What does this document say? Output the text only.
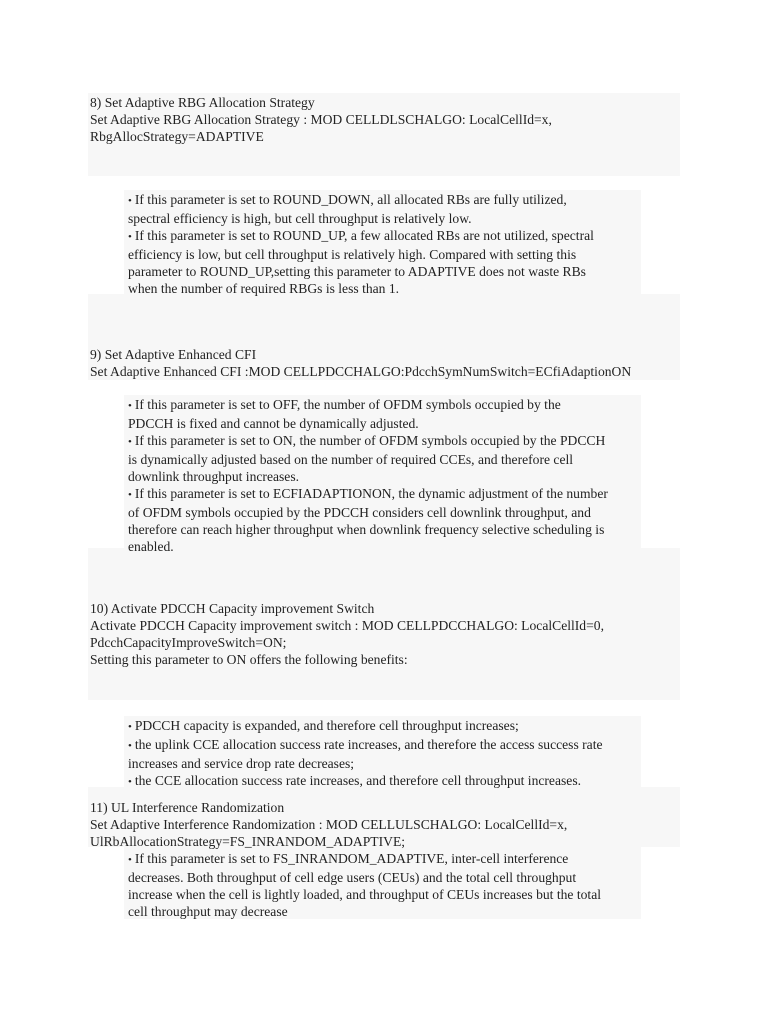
8) Set Adaptive RBG Allocation Strategy
Set Adaptive RBG Allocation Strategy : MOD CELLDLSCHALGO: LocalCellId=x,
RbgAllocStrategy=ADAPTIVE
• If this parameter is set to ROUND_DOWN, all allocated RBs are fully utilized,
spectral efficiency is high, but cell throughput is relatively low.
• If this parameter is set to ROUND_UP, a few allocated RBs are not utilized, spectral
efficiency is low, but cell throughput is relatively high. Compared with setting this
parameter to ROUND_UP,setting this parameter to ADAPTIVE does not waste RBs
when the number of required RBGs is less than 1.
9) Set Adaptive Enhanced CFI
Set Adaptive Enhanced CFI :MOD CELLPDCCHALGO:PdcchSymNumSwitch=ECfiAdaptionON
• If this parameter is set to OFF, the number of OFDM symbols occupied by the
PDCCH is fixed and cannot be dynamically adjusted.
• If this parameter is set to ON, the number of OFDM symbols occupied by the PDCCH
is dynamically adjusted based on the number of required CCEs, and therefore cell
downlink throughput increases.
• If this parameter is set to ECFIADAPTIONON, the dynamic adjustment of the number
of OFDM symbols occupied by the PDCCH considers cell downlink throughput, and
therefore can reach higher throughput when downlink frequency selective scheduling is
enabled.
10) Activate PDCCH Capacity improvement Switch
Activate PDCCH Capacity improvement switch : MOD CELLPDCCHALGO: LocalCellId=0,
PdcchCapacityImproveSwitch=ON;
Setting this parameter to ON offers the following benefits:
• PDCCH capacity is expanded, and therefore cell throughput increases;
• the uplink CCE allocation success rate increases, and therefore the access success rate
increases and service drop rate decreases;
• the CCE allocation success rate increases, and therefore cell throughput increases.
11) UL Interference Randomization
Set Adaptive Interference Randomization : MOD CELLULSCHALGO: LocalCellId=x,
UlRbAllocationStrategy=FS_INRANDOM_ADAPTIVE;
• If this parameter is set to FS_INRANDOM_ADAPTIVE, inter-cell interference
decreases. Both throughput of cell edge users (CEUs) and the total cell throughput
increase when the cell is lightly loaded, and throughput of CEUs increases but the total
cell throughput may decrease
